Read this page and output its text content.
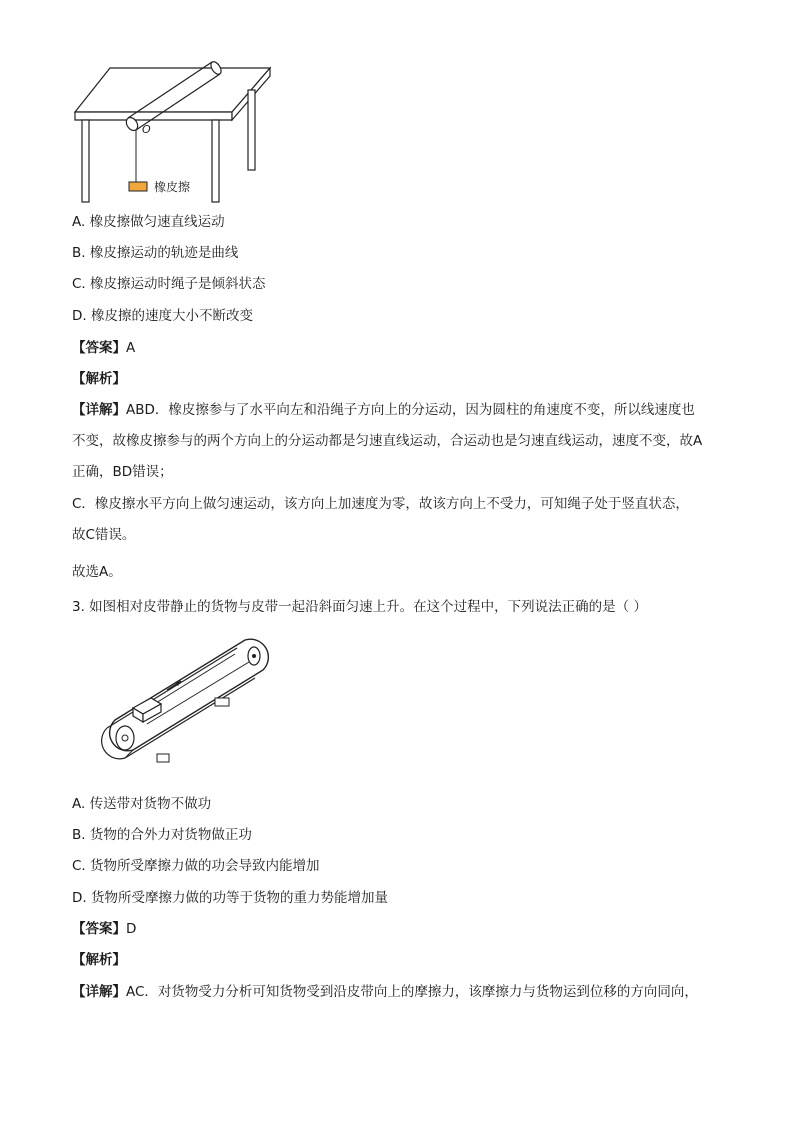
O
橡皮擦
A. 橡皮擦做匀速直线运动
B. 橡皮擦运动的轨迹是曲线
C. 橡皮擦运动时绳子是倾斜状态
D. 橡皮擦的速度大小不断改变
【答案】A
【解析】
【详解】ABD．橡皮擦参与了水平向左和沿绳子方向上的分运动，因为圆柱的角速度不变，所以线速度也
不变，故橡皮擦参与的两个方向上的分运动都是匀速直线运动，合运动也是匀速直线运动，速度不变，故A
正确，BD错误；
C．橡皮擦水平方向上做匀速运动，该方向上加速度为零，故该方向上不受力，可知绳子处于竖直状态，
故C错误。
故选A。
3. 如图相对皮带静止的货物与皮带一起沿斜面匀速上升。在这个过程中，下列说法正确的是（ ）
A. 传送带对货物不做功
B. 货物的合外力对货物做正功
C. 货物所受摩擦力做的功会导致内能增加
D. 货物所受摩擦力做的功等于货物的重力势能增加量
【答案】D
【解析】
【详解】AC．对货物受力分析可知货物受到沿皮带向上的摩擦力，该摩擦力与货物运到位移的方向同向，
